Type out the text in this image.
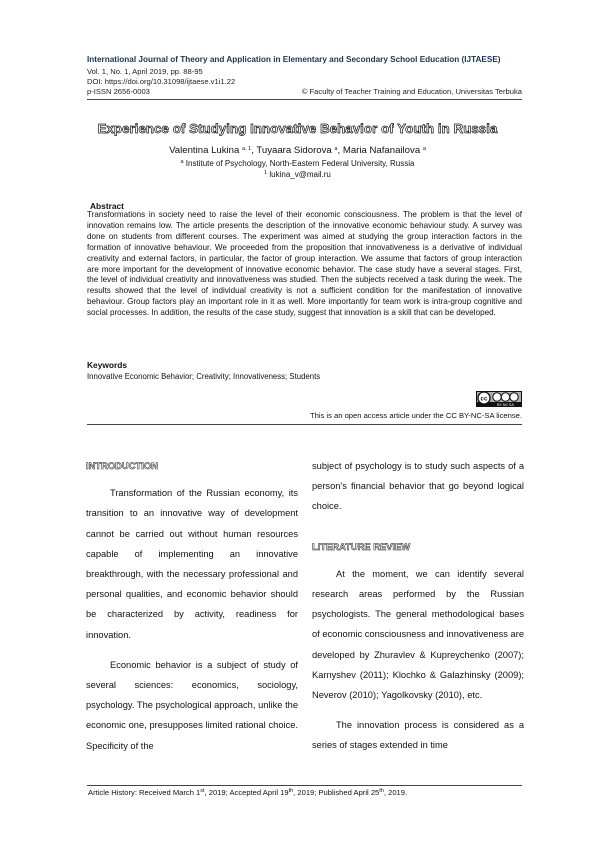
International Journal of Theory and Application in Elementary and Secondary School Education (IJTAESE)
Vol. 1, No. 1, April 2019, pp. 88-95
DOI: https://doi.org/10.31098/ijtaese.v1i1.22
p-ISSN 2656-0003	© Faculty of Teacher Training and Education, Universitas Terbuka
Experience of Studying Innovative Behavior of Youth in Russia
Valentina Lukina $^{a, 1}$, Tuyaara Sidorova $^a$, Maria Nafanailova $^a$
$^a$ Institute of Psychology, North-Eastern Federal University, Russia
$^1$ lukina_v@mail.ru
Abstract
Transformations in society need to raise the level of their economic consciousness. The problem is that the level of innovation remains low. The article presents the description of the innovative economic behaviour study. A survey was done on students from different courses. The experiment was aimed at studying the group interaction factors in the formation of innovative behaviour. We proceeded from the proposition that innovativeness is a derivative of individual creativity and external factors, in particular, the factor of group interaction. We assume that factors of group interaction are more important for the development of innovative economic behavior. The case study have a several stages. First, the level of individual creativity and innovativeness was studied. Then the subjects received a task during the week. The results showed that the level of individual creativity is not a sufficient condition for the manifestation of innovative behaviour. Group factors play an important role in it as well. More importantly for team work is intra-group cognitive and social processes. In addition, the results of the case study, suggest that innovation is a skill that can be developed.
Keywords
Innovative Economic Behavior; Creativity; Innovativeness; Students
cc
BY NC SA
This is an open access article under the CC BY-NC-SA license.

INTRODUCTION

Transformation of the Russian economy, its transition to an innovative way of development cannot be carried out without human resources capable of implementing an innovative breakthrough, with the necessary professional and personal qualities, and economic behavior should be characterized by activity, readiness for innovation.

Economic behavior is a subject of study of several sciences: economics, sociology, psychology. The psychological approach, unlike the economic one, presupposes limited rational choice. Specificity of the

subject of psychology is to study such aspects of a person's financial behavior that go beyond logical choice.

LITERATURE REVIEW

At the moment, we can identify several research areas performed by the Russian psychologists. The general methodological bases of economic consciousness and innovativeness are developed by Zhuravlev & Kupreychenko (2007); Karnyshev (2011); Klochko & Galazhinsky (2009); Neverov (2010); Yagolkovsky (2010), etc.

The innovation process is considered as a series of stages extended in time

Article History: Received March 1st, 2019; Accepted April 19th, 2019; Published April 25th, 2019.
